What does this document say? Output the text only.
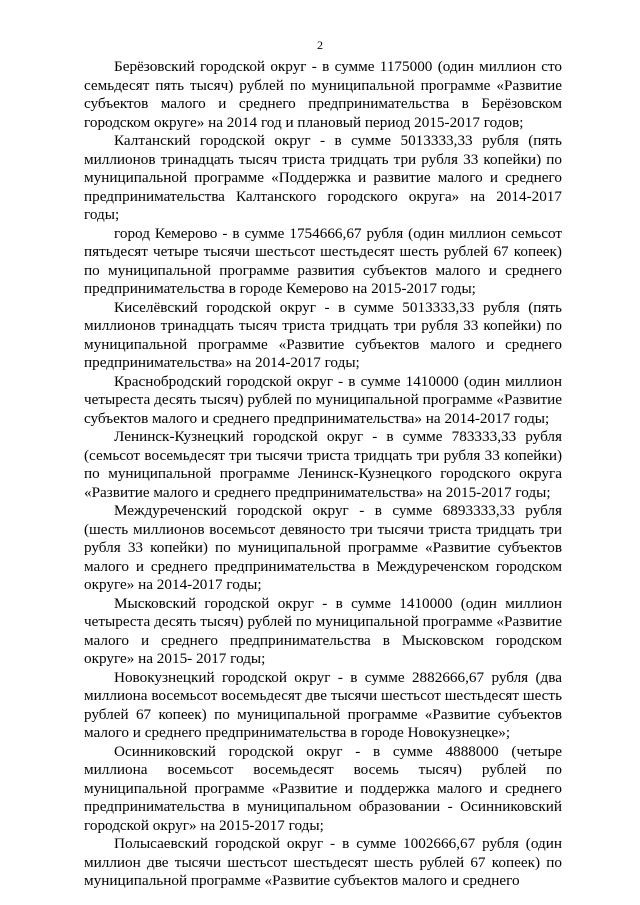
2

Берёзовский городской округ - в сумме 1175000 (один миллион сто семьдесят пять тысяч) рублей по муниципальной программе «Развитие субъектов малого и среднего предпринимательства в Берёзовском городском округе» на 2014 год и плановый период 2015-2017 годов;

Калтанский городской округ - в сумме 5013333,33 рубля (пять миллионов тринадцать тысяч триста тридцать три рубля 33 копейки) по муниципальной программе «Поддержка и развитие малого и среднего предпринимательства Калтанского городского округа» на 2014-2017 годы;

город Кемерово - в сумме 1754666,67 рубля (один миллион семьсот пятьдесят четыре тысячи шестьсот шестьдесят шесть рублей 67 копеек) по муниципальной программе развития субъектов малого и среднего предпринимательства в городе Кемерово на 2015-2017 годы;

Киселёвский городской округ - в сумме 5013333,33 рубля (пять миллионов тринадцать тысяч триста тридцать три рубля 33 копейки) по муниципальной программе «Развитие субъектов малого и среднего предпринимательства» на 2014-2017 годы;

Краснобродский городской округ - в сумме 1410000 (один миллион четыреста десять тысяч) рублей по муниципальной программе «Развитие субъектов малого и среднего предпринимательства» на 2014-2017 годы;

Ленинск-Кузнецкий городской округ - в сумме 783333,33 рубля (семьсот восемьдесят три тысячи триста тридцать три рубля 33 копейки) по муниципальной программе Ленинск-Кузнецкого городского округа «Развитие малого и среднего предпринимательства» на 2015-2017 годы;

Междуреченский городской округ - в сумме 6893333,33 рубля (шесть миллионов восемьсот девяносто три тысячи триста тридцать три рубля 33 копейки) по муниципальной программе «Развитие субъектов малого и среднего предпринимательства в Междуреченском городском округе» на 2014-2017 годы;

Мысковский городской округ - в сумме 1410000 (один миллион четыреста десять тысяч) рублей по муниципальной программе «Развитие малого и среднего предпринимательства в Мысковском городском округе» на 2015- 2017 годы;

Новокузнецкий городской округ - в сумме 2882666,67 рубля (два миллиона восемьсот восемьдесят две тысячи шестьсот шестьдесят шесть рублей 67 копеек) по муниципальной программе «Развитие субъектов малого и среднего предпринимательства в городе Новокузнецке»;

Осинниковский городской округ - в сумме 4888000 (четыре миллиона восемьсот восемьдесят восемь тысяч) рублей по муниципальной программе «Развитие и поддержка малого и среднего предпринимательства в муниципальном образовании - Осинниковский городской округ» на 2015-2017 годы;

Полысаевский городской округ - в сумме 1002666,67 рубля (один миллион две тысячи шестьсот шестьдесят шесть рублей 67 копеек) по муниципальной программе «Развитие субъектов малого и среднего
